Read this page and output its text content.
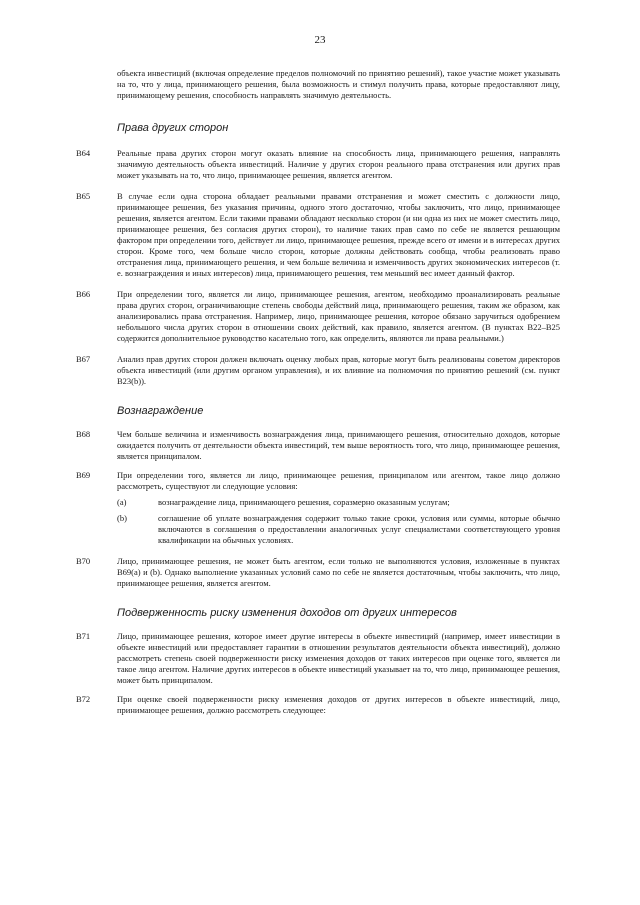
23

объекта инвестиций (включая определение пределов полномочий по принятию решений), такое участие может указывать на то, что у лица, принимающего решения, была возможность и стимул получить права, которые предоставляют лицу, принимающему решения, способность направлять значимую деятельность.

Права других сторон

B64	Реальные права других сторон могут оказать влияние на способность лица, принимающего решения, направлять значимую деятельность объекта инвестиций. Наличие у других сторон реального права отстранения или других прав может указывать на то, что лицо, принимающее решения, является агентом.

B65	В случае если одна сторона обладает реальными правами отстранения и может сместить с должности лицо, принимающее решения, без указания причины, одного этого достаточно, чтобы заключить, что лицо, принимающее решения, является агентом. Если такими правами обладают несколько сторон (и ни одна из них не может сместить лицо, принимающее решения, без согласия других сторон), то наличие таких прав само по себе не является решающим фактором при определении того, действует ли лицо, принимающее решения, прежде всего от имени и в интересах других сторон. Кроме того, чем больше число сторон, которые должны действовать сообща, чтобы реализовать право отстранения лица, принимающего решения, и чем больше величина и изменчивость других экономических интересов (т. е. вознаграждения и иных интересов) лица, принимающего решения, тем меньший вес имеет данный фактор.

B66	При определении того, является ли лицо, принимающее решения, агентом, необходимо проанализировать реальные права других сторон, ограничивающие степень свободы действий лица, принимающего решения, таким же образом, как анализировались права отстранения. Например, лицо, принимающее решения, которое обязано заручиться одобрением небольшого числа других сторон в отношении своих действий, как правило, является агентом. (В пунктах B22–B25 содержится дополнительное руководство касательно того, как определить, являются ли права реальными.)

B67	Анализ прав других сторон должен включать оценку любых прав, которые могут быть реализованы советом директоров объекта инвестиций (или другим органом управления), и их влияние на полномочия по принятию решений (см. пункт B23(b)).

Вознаграждение

B68	Чем больше величина и изменчивость вознаграждения лица, принимающего решения, относительно доходов, которые ожидается получить от деятельности объекта инвестиций, тем выше вероятность того, что лицо, принимающее решения, является принципалом.

B69	При определении того, является ли лицо, принимающее решения, принципалом или агентом, такое лицо должно рассмотреть, существуют ли следующие условия:

(a)	вознаграждение лица, принимающего решения, соразмерно оказанным услугам;

(b)	соглашение об уплате вознаграждения содержит только такие сроки, условия или суммы, которые обычно включаются в соглашения о предоставлении аналогичных услуг специалистами соответствующего уровня квалификации на обычных условиях.

B70	Лицо, принимающее решения, не может быть агентом, если только не выполняются условия, изложенные в пунктах B69(a) и (b). Однако выполнение указанных условий само по себе не является достаточным, чтобы заключить, что лицо, принимающее решения, является агентом.

Подверженность риску изменения доходов от других интересов

B71	Лицо, принимающее решения, которое имеет другие интересы в объекте инвестиций (например, имеет инвестиции в объекте инвестиций или предоставляет гарантии в отношении результатов деятельности объекта инвестиций), должно рассмотреть степень своей подверженности риску изменения доходов от таких интересов при оценке того, является ли такое лицо агентом. Наличие других интересов в объекте инвестиций указывает на то, что лицо, принимающее решения, может быть принципалом.

B72	При оценке своей подверженности риску изменения доходов от других интересов в объекте инвестиций, лицо, принимающее решения, должно рассмотреть следующее:
